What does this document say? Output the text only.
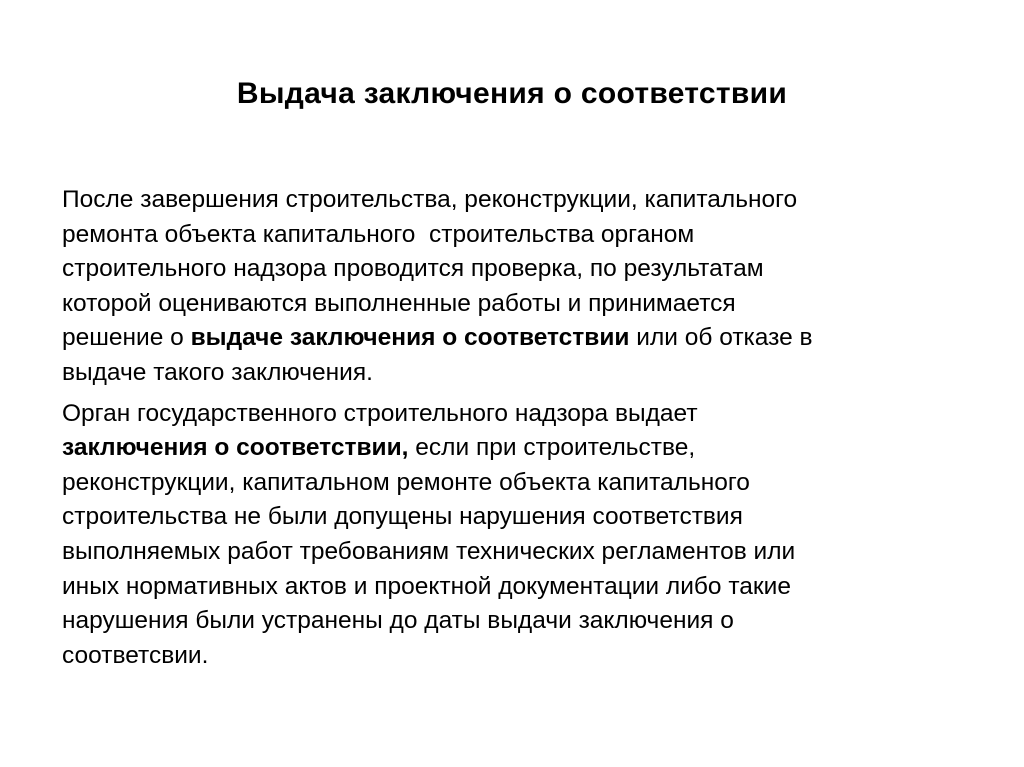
Выдача заключения о соответствии

После завершения строительства, реконструкции, капитального
ремонта объекта капитального  строительства органом
строительного надзора проводится проверка, по результатам
которой оцениваются выполненные работы и принимается
решение о выдаче заключения о соответствии или об отказе в
выдаче такого заключения.

Орган государственного строительного надзора выдает
заключения о соответствии, если при строительстве,
реконструкции, капитальном ремонте объекта капитального
строительства не были допущены нарушения соответствия
выполняемых работ требованиям технических регламентов или
иных нормативных актов и проектной документации либо такие
нарушения были устранены до даты выдачи заключения о
соответсвии.
